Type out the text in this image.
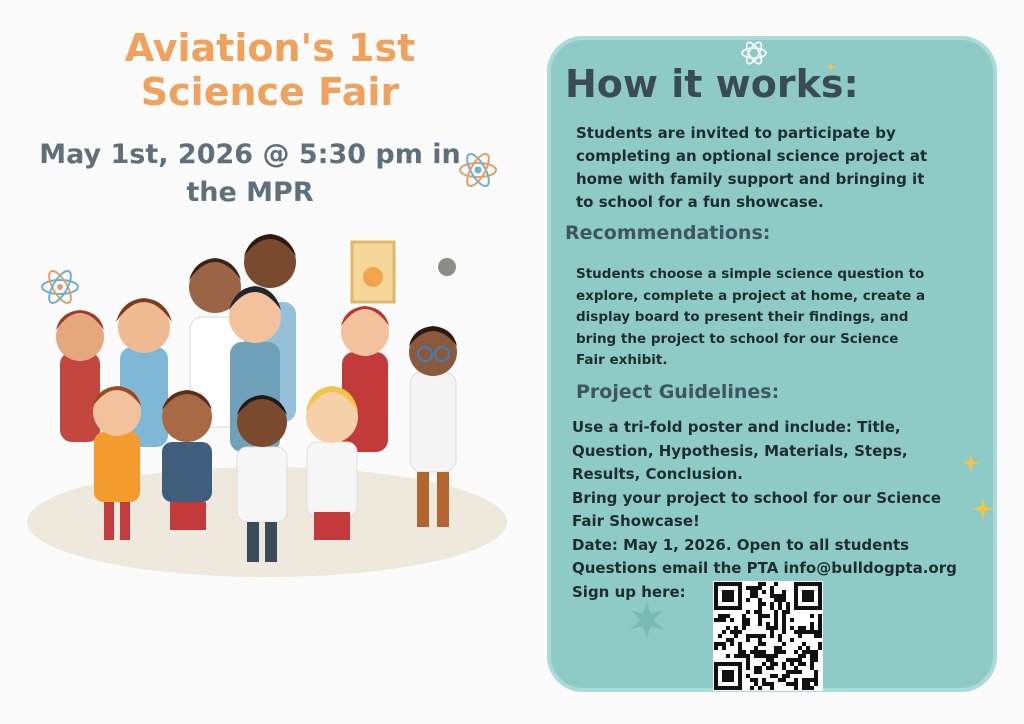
Aviation's 1st
Science Fair
May 1st, 2026 @ 5:30 pm in
the MPR
How it works:
Students are invited to participate by
completing an optional science project at
home with family support and bringing it
to school for a fun showcase.
Recommendations:
Students choose a simple science question to
explore, complete a project at home, create a
display board to present their findings, and
bring the project to school for our Science
Fair exhibit.
Project Guidelines:
Use a tri-fold poster and include: Title,
Question, Hypothesis, Materials, Steps,
Results, Conclusion.
Bring your project to school for our Science
Fair Showcase!
Date: May 1, 2026. Open to all students
Questions email the PTA info@bulldogpta.org
Sign up here:
